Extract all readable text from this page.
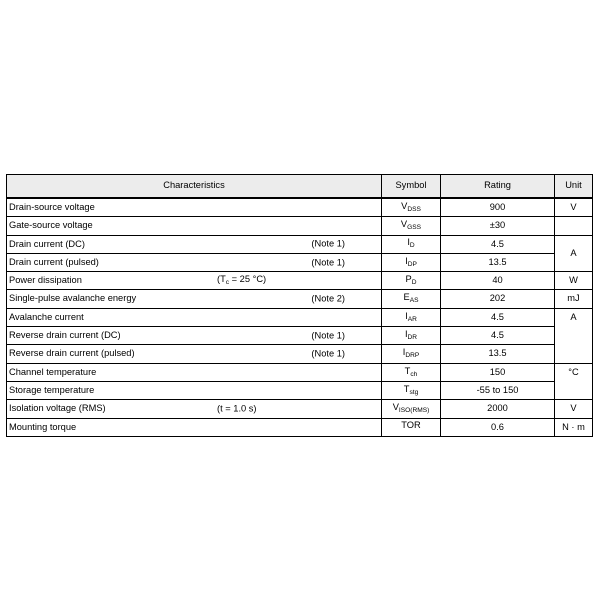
Characteristics	Symbol	Rating	Unit
Drain-source voltage	$V_{DSS}$	900	V
Gate-source voltage	$V_{GSS}$	±30	
Drain current (DC) (Note 1)	$I_D$	4.5	A
Drain current (pulsed) (Note 1)	$I_{DP}$	13.5	
Power dissipation ($T_c = 25$ °C)	$P_D$	40	W
Single-pulse avalanche energy (Note 2)	$E_{AS}$	202	mJ
Avalanche current	$I_{AR}$	4.5	A
Reverse drain current (DC) (Note 1)	$I_{DR}$	4.5	
Reverse drain current (pulsed) (Note 1)	$I_{DRP}$	13.5	
Channel temperature	$T_{ch}$	150	°C
Storage temperature	$T_{stg}$	-55 to 150	
Isolation voltage (RMS) (t = 1.0 s)	$V_{ISO(RMS)}$	2000	V
Mounting torque	TOR	0.6	N · m
